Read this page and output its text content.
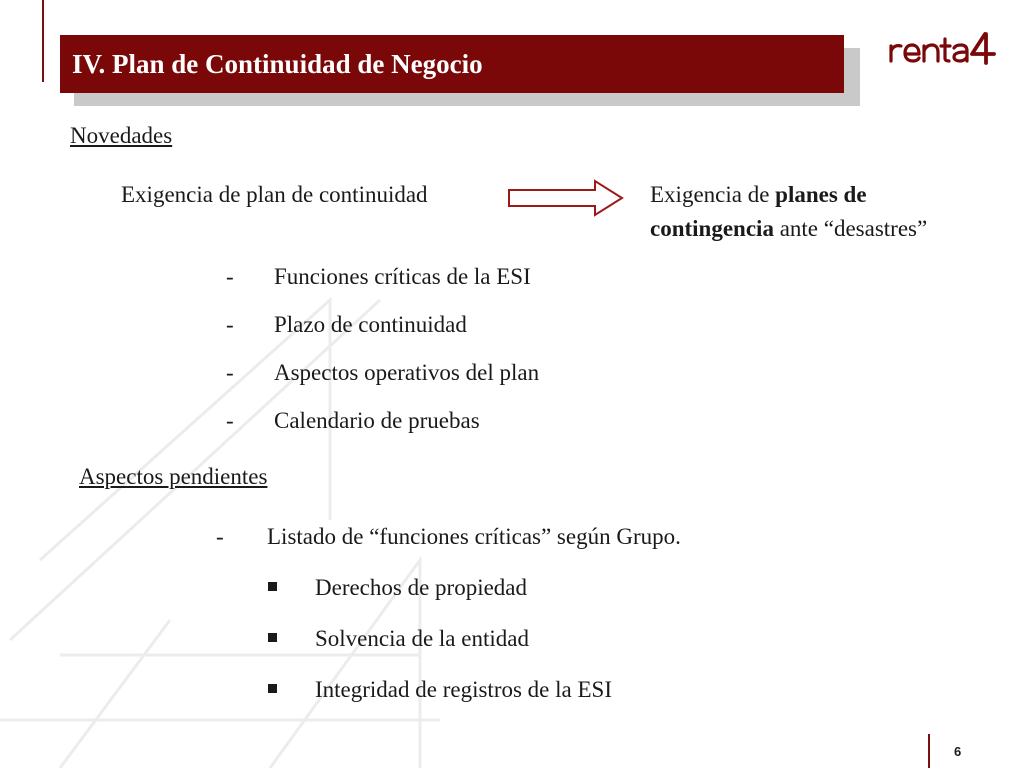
IV. Plan de Continuidad de Negocio
Novedades
Exigencia de plan de continuidad	Exigencia de planes de
contingencia ante “desastres”
- Funciones críticas de la ESI
- Plazo de continuidad
- Aspectos operativos del plan
- Calendario de pruebas
Aspectos pendientes
- Listado de “funciones críticas” según Grupo.
Derechos de propiedad
Solvencia de la entidad
Integridad de registros de la ESI
6
